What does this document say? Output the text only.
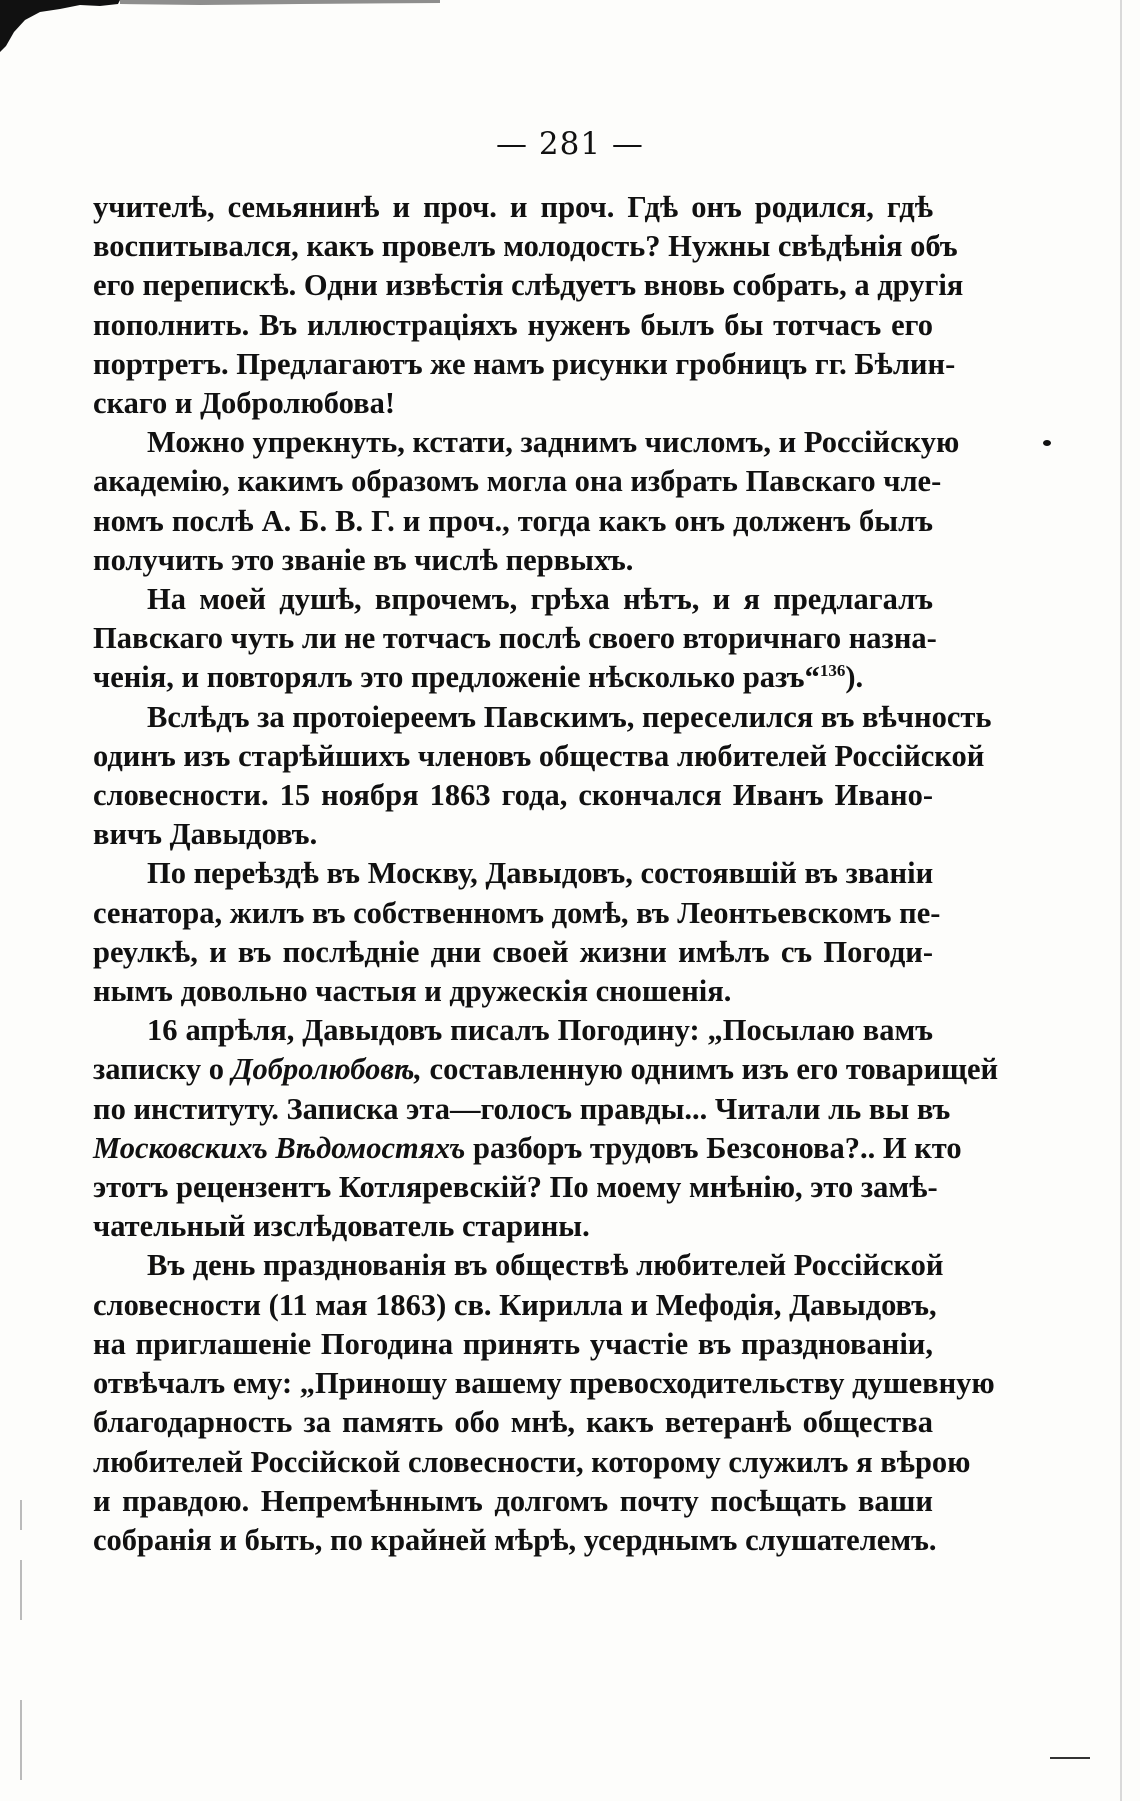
— 281 —
учителѣ, семьянинѣ и проч. и проч. Гдѣ онъ родился, гдѣ
воспитывался, какъ провелъ молодость? Нужны свѣдѣнія объ
его перепискѣ. Одни извѣстія слѣдуетъ вновь собрать, а другія
пополнить. Въ иллюстраціяхъ нуженъ былъ бы тотчасъ его
портретъ. Предлагаютъ же намъ рисунки гробницъ гг. Бѣлин-
скаго и Добролюбова!
Можно упрекнуть, кстати, заднимъ числомъ, и Россійскую
академію, какимъ образомъ могла она избрать Павскаго чле-
номъ послѣ А. Б. В. Г. и проч., тогда какъ онъ долженъ былъ
получить это званіе въ числѣ первыхъ.
На моей душѣ, впрочемъ, грѣха нѣтъ, и я предлагалъ
Павскаго чуть ли не тотчасъ послѣ своего вторичнаго назна-
ченія, и повторялъ это предложеніе нѣсколько разъ“$^{136}$).
Вслѣдъ за протоіереемъ Павскимъ, переселился въ вѣчность
одинъ изъ старѣйшихъ членовъ общества любителей Россійской
словесности. 15 ноября 1863 года, скончался Иванъ Ивано-
вичъ Давыдовъ.
По переѣздѣ въ Москву, Давыдовъ, состоявшій въ званіи
сенатора, жилъ въ собственномъ домѣ, въ Леонтьевскомъ пе-
реулкѣ, и въ послѣдніе дни своей жизни имѣлъ съ Погоди-
нымъ довольно частыя и дружескія сношенія.
16 апрѣля, Давыдовъ писалъ Погодину: „Посылаю вамъ
записку о Добролюбовѣ, составленную однимъ изъ его товарищей
по институту. Записка эта—голосъ правды... Читали ль вы въ
Московскихъ Вѣдомостяхъ разборъ трудовъ Безсонова?.. И кто
этотъ рецензентъ Котляревскій? По моему мнѣнію, это замѣ-
чательный изслѣдователь старины.
Въ день празднованія въ обществѣ любителей Россійской
словесности (11 мая 1863) св. Кирилла и Мефодія, Давыдовъ,
на приглашеніе Погодина принять участіе въ празднованіи,
отвѣчалъ ему: „Приношу вашему превосходительству душевную
благодарность за память обо мнѣ, какъ ветеранѣ общества
любителей Россійской словесности, которому служилъ я вѣрою
и правдою. Непремѣннымъ долгомъ почту посѣщать ваши
собранія и быть, по крайней мѣрѣ, усерднымъ слушателемъ.
